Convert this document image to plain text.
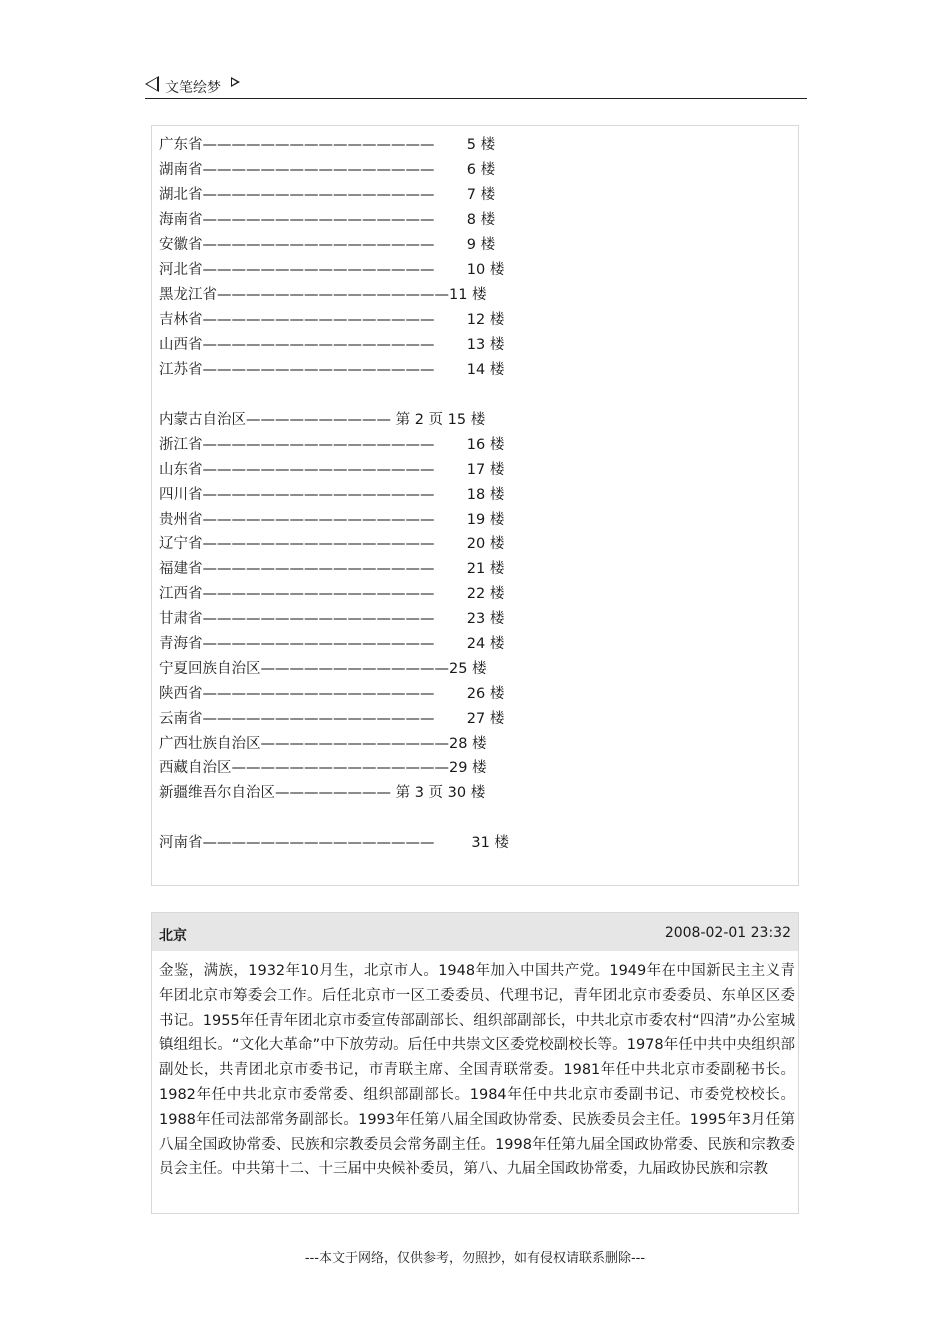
文笔绘梦
广东省————————————————       5 楼
湖南省————————————————       6 楼
湖北省————————————————       7 楼
海南省————————————————       8 楼
安徽省————————————————       9 楼
河北省————————————————       10 楼
黑龙江省————————————————11 楼
吉林省————————————————       12 楼
山西省————————————————       13 楼
江苏省————————————————       14 楼
内蒙古自治区—————————— 第 2 页 15 楼
浙江省————————————————       16 楼
山东省————————————————       17 楼
四川省————————————————       18 楼
贵州省————————————————       19 楼
辽宁省————————————————       20 楼
福建省————————————————       21 楼
江西省————————————————       22 楼
甘肃省————————————————       23 楼
青海省————————————————       24 楼
宁夏回族自治区—————————————25 楼
陕西省————————————————       26 楼
云南省————————————————       27 楼
广西壮族自治区—————————————28 楼
西藏自治区———————————————29 楼
新疆维吾尔自治区———————— 第 3 页 30 楼
河南省————————————————        31 楼
北京	2008-02-01 23:32
金鉴，满族，1932年10月生，北京市人。1948年加入中国共产党。1949年在中国新民主主义青年团北京市筹委会工作。后任北京市一区工委委员、代理书记，青年团北京市委委员、东单区区委书记。1955年任青年团北京市委宣传部副部长、组织部副部长，中共北京市委农村“四清”办公室城镇组组长。“文化大革命”中下放劳动。后任中共崇文区委党校副校长等。1978年任中共中央组织部副处长，共青团北京市委书记，市青联主席、全国青联常委。1981年任中共北京市委副秘书长。1982年任中共北京市委常委、组织部副部长。1984年任中共北京市委副书记、市委党校校长。1988年任司法部常务副部长。1993年任第八届全国政协常委、民族委员会主任。1995年3月任第八届全国政协常委、民族和宗教委员会常务副主任。1998年任第九届全国政协常委、民族和宗教委员会主任。中共第十二、十三届中央候补委员，第八、九届全国政协常委，九届政协民族和宗教
---本文于网络，仅供参考，勿照抄，如有侵权请联系删除---
